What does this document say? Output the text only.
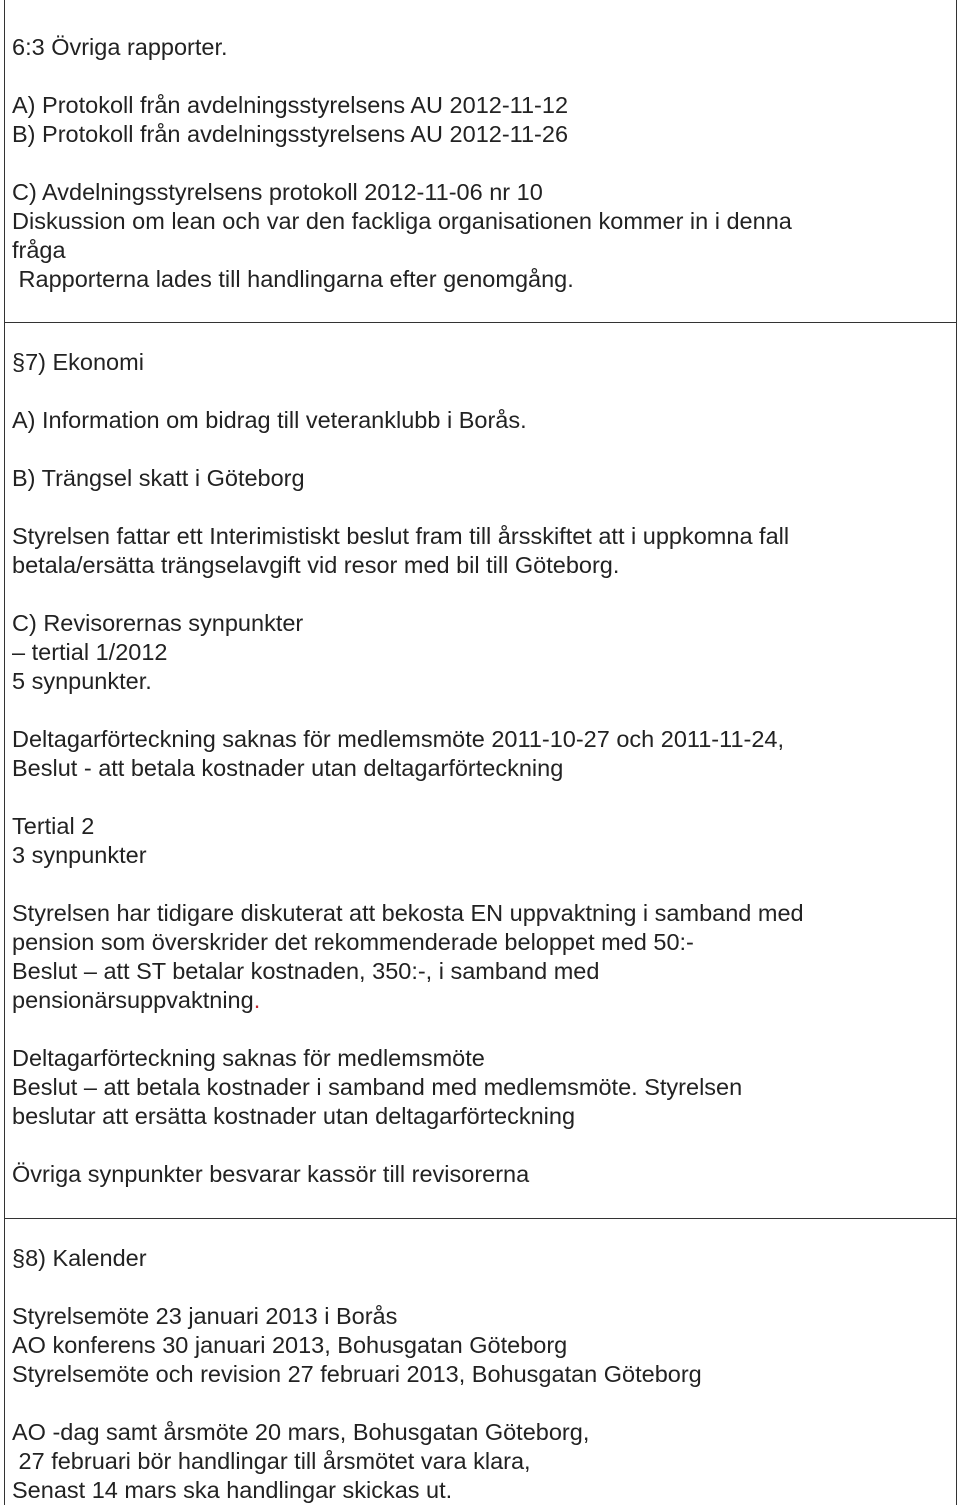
6:3 Övriga rapporter.
A) Protokoll från avdelningsstyrelsens AU 2012-11-12
B) Protokoll från avdelningsstyrelsens AU 2012-11-26
C) Avdelningsstyrelsens protokoll 2012-11-06 nr 10
Diskussion om lean och var den fackliga organisationen kommer in i denna
fråga
Rapporterna lades till handlingarna efter genomgång.
§7) Ekonomi
A) Information om bidrag till veteranklubb i Borås.
B) Trängsel skatt i Göteborg
Styrelsen fattar ett Interimistiskt beslut fram till årsskiftet att i uppkomna fall
betala/ersätta trängselavgift vid resor med bil till Göteborg.
C) Revisorernas synpunkter
– tertial 1/2012
5 synpunkter.
Deltagarförteckning saknas för medlemsmöte 2011-10-27 och 2011-11-24,
Beslut - att betala kostnader utan deltagarförteckning
Tertial 2
3 synpunkter
Styrelsen har tidigare diskuterat att bekosta EN uppvaktning i samband med
pension som överskrider det rekommenderade beloppet med 50:-
Beslut – att ST betalar kostnaden, 350:-, i samband med
pensionärsuppvaktning.
Deltagarförteckning saknas för medlemsmöte
Beslut – att betala kostnader i samband med medlemsmöte. Styrelsen
beslutar att ersätta kostnader utan deltagarförteckning
Övriga synpunkter besvarar kassör till revisorerna
§8) Kalender
Styrelsemöte 23 januari 2013 i Borås
AO konferens 30 januari 2013, Bohusgatan Göteborg
Styrelsemöte och revision 27 februari 2013, Bohusgatan Göteborg
AO -dag samt årsmöte 20 mars, Bohusgatan Göteborg,
27 februari bör handlingar till årsmötet vara klara,
Senast 14 mars ska handlingar skickas ut.
